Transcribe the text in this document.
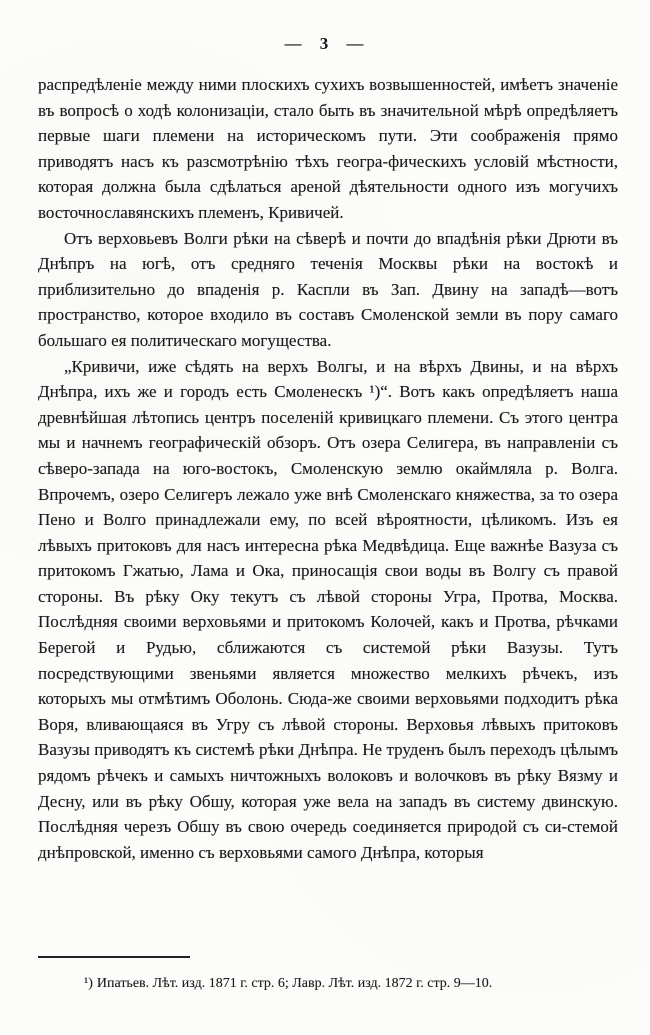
— 3 —

распредѣленіе между ними плоскихъ сухихъ возвышенностей, имѣетъ значеніе въ вопросѣ о ходѣ колонизаціи, стало быть въ значительной мѣрѣ опредѣляетъ первые шаги племени на историческомъ пути. Эти соображенія прямо приводятъ насъ къ разсмотрѣнію тѣхъ геогра-фическихъ условій мѣстности, которая должна была сдѣлаться ареной дѣятельности одного изъ могучихъ восточнославянскихъ племенъ, Кривичей.

Отъ верховьевъ Волги рѣки на сѣверѣ и почти до впадѣнія рѣки Дрюти въ Днѣпръ на югѣ, отъ средняго теченія Москвы рѣки на востокѣ и приблизительно до впаденія р. Каспли въ Зап. Двину на западѣ—вотъ пространство, которое входило въ составъ Смоленской земли въ пору самаго большаго ея политическаго могущества.

„Кривичи, иже сѣдять на верхъ Волгы, и на вѣрхъ Двины, и на вѣрхъ Днѣпра, ихъ же и городъ есть Смоленескъ ¹)“. Вотъ какъ опредѣляетъ наша древнѣйшая лѣтопись центръ поселеній кривицкаго племени. Съ этого центра мы и начнемъ географическій обзоръ. Отъ озера Селигера, въ направленіи съ сѣверо-запада на юго-востокъ, Смоленскую землю окаймляла р. Волга. Впрочемъ, озеро Селигеръ лежало уже внѣ Смоленскаго княжества, за то озера Пено и Волго принадлежали ему, по всей вѣроятности, цѣликомъ. Изъ ея лѣвыхъ притоковъ для насъ интересна рѣка Медвѣдица. Еще важнѣе Вазуза съ притокомъ Гжатью, Лама и Ока, приносащія свои воды въ Волгу съ правой стороны. Въ рѣку Оку текутъ съ лѣвой стороны Угра, Протва, Москва. Послѣдняя своими верховьями и притокомъ Колочей, какъ и Протва, рѣчками Берегой и Рудью, сближаются съ системой рѣки Вазузы. Тутъ посредствующими звеньями является множество мелкихъ рѣчекъ, изъ которыхъ мы отмѣтимъ Оболонь. Сюда-же своими верховьями подходитъ рѣка Воря, вливающаяся въ Угру съ лѣвой стороны. Верховья лѣвыхъ притоковъ Вазузы приводятъ къ системѣ рѣки Днѣпра. Не труденъ былъ переходъ цѣлымъ рядомъ рѣчекъ и самыхъ ничтожныхъ волоковъ и волочковъ въ рѣку Вязму и Десну, или въ рѣку Обшу, которая уже вела на западъ въ систему двинскую. Послѣдняя черезъ Обшу въ свою очередь соединяется природой съ си-стемой днѣпровской, именно съ верховьями самого Днѣпра, которыя

¹) Ипатьев. Лѣт. изд. 1871 г. стр. 6; Лавр. Лѣт. изд. 1872 г. стр. 9—10.
